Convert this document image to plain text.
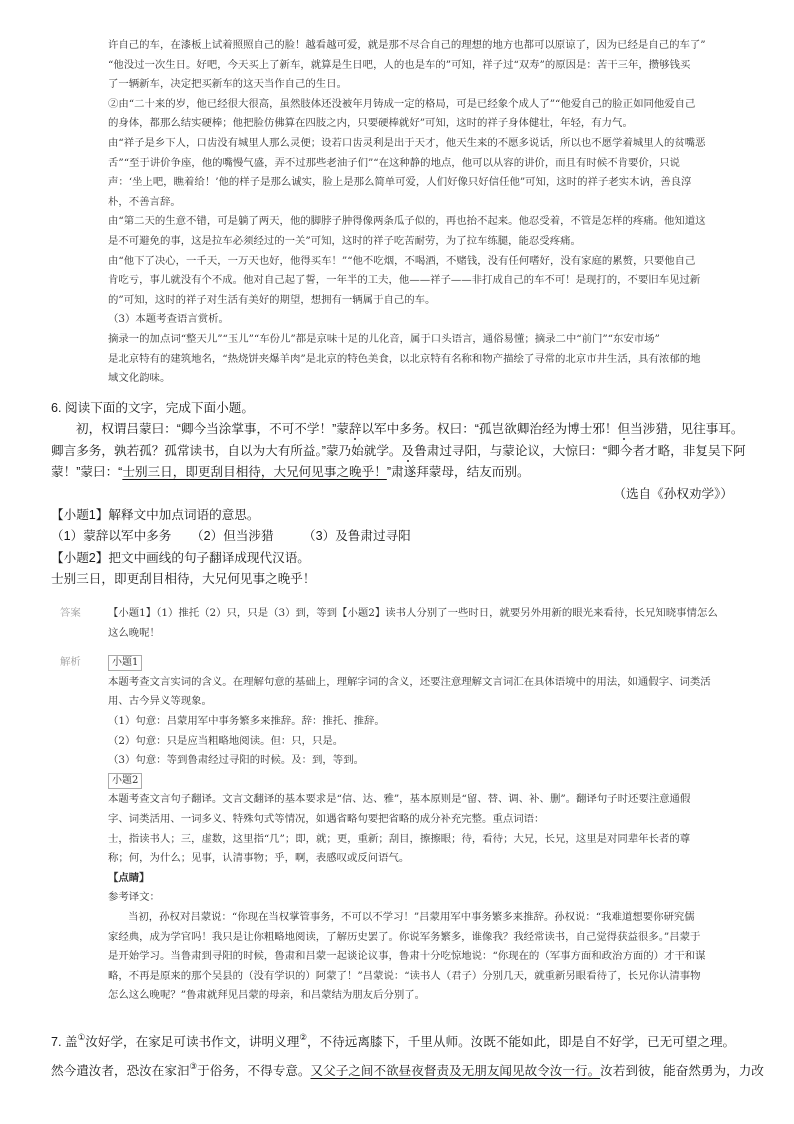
许自己的车，在漆板上试着照照自己的脸！越看越可爱，就是那不尽合自己的理想的地方也都可以原谅了，因为已经是自己的车了”

“他没过一次生日。好吧，今天买上了新车，就算是生日吧，人的也是车的”可知，祥子过“双寿”的原因是：苦干三年，攒够钱买

了一辆新车，决定把买新车的这天当作自己的生日。

②由“二十来的岁，他已经很大很高，虽然肢体还没被年月铸成一定的格局，可是已经象个成人了”“他爱自己的脸正如同他爱自己

的身体，都那么结实硬棒；他把脸仿佛算在四肢之内，只要硬棒就好”可知，这时的祥子身体健壮，年轻，有力气。

由“祥子是乡下人，口齿没有城里人那么灵便；设若口齿灵利是出于天才，他天生来的不愿多说话，所以也不愿学着城里人的贫嘴恶

舌”“至于讲价争座，他的嘴慢气盛，弄不过那些老油子们”“在这种静的地点，他可以从容的讲价，而且有时候不肯要价，只说

声：‘坐上吧，瞧着给！’他的样子是那么诚实，脸上是那么简单可爱，人们好像只好信任他”可知，这时的祥子老实木讷，善良淳

朴，不善言辞。

由“第二天的生意不错，可是躺了两天，他的脚脖子肿得像两条瓜子似的，再也抬不起来。他忍受着，不管是怎样的疼痛。他知道这

是不可避免的事，这是拉车必须经过的一关”可知，这时的祥子吃苦耐劳，为了拉车练腿，能忍受疼痛。

由“他下了决心，一千天，一万天也好，他得买车！”“他不吃烟，不喝酒，不赌钱，没有任何嗜好，没有家庭的累赘，只要他自己

肯吃亏，事儿就没有个不成。他对自己起了誓，一年半的工夫，他——祥子——非打成自己的车不可！是现打的，不要旧车见过新

的”可知，这时的祥子对生活有美好的期望，想拥有一辆属于自己的车。

（3）本题考查语言赏析。

摘录一的加点词“整天儿”“玉儿”“车份儿”都是京味十足的儿化音，属于口头语言，通俗易懂；摘录二中“前门”“东安市场”

是北京特有的建筑地名，“热烧饼夹爆羊肉”是北京的特色美食，以北京特有名称和物产描绘了寻常的北京市井生活，具有浓郁的地

域文化韵味。

6. 阅读下面的文字，完成下面小题。

初，权谓吕蒙曰：“卿今当涂掌事，不可不学！”蒙辞以军中多务。权曰：“孤岂欲卿治经为博士邪！但当涉猎，见往事耳。

卿言多务，孰若孤？孤常读书，自以为大有所益。”蒙乃始就学。及鲁肃过寻阳，与蒙论议，大惊曰：“卿今者才略，非复吴下阿

蒙！”蒙曰：“士别三日，即更刮目相待，大兄何见事之晚乎！”肃遂拜蒙母，结友而别。

（选自《孙权劝学》）

【小题1】解释文中加点词语的意思。

（1）蒙辞以军中多务 （2）但当涉猎 （3）及鲁肃过寻阳

【小题2】把文中画线的句子翻译成现代汉语。

士别三日，即更刮目相待，大兄何见事之晚乎！

答案	【小题1】（1）推托（2）只，只是（3）到，等到【小题2】读书人分别了一些时日，就要另外用新的眼光来看待，长兄知晓事情怎么

这么晚呢！

解析	小题1

本题考查文言实词的含义。在理解句意的基础上，理解字词的含义，还要注意理解文言词汇在具体语境中的用法，如通假字、词类活

用、古今异义等现象。

（1）句意：吕蒙用军中事务繁多来推辞。辞：推托、推辞。

（2）句意：只是应当粗略地阅读。但：只，只是。

（3）句意：等到鲁肃经过寻阳的时候。及：到，等到。

小题2

本题考查文言句子翻译。文言文翻译的基本要求是“信、达、雅”，基本原则是“留、替、调、补、删”。翻译句子时还要注意通假

字、词类活用、一词多义、特殊句式等情况，如遇省略句要把省略的成分补充完整。重点词语：

士，指读书人；三，虚数，这里指“几”；即，就；更，重新；刮目，擦擦眼；待，看待；大兄，长兄，这里是对同辈年长者的尊

称；何，为什么；见事，认清事物；乎，啊，表感叹或反问语气。

【点睛】

参考译文：

当初，孙权对吕蒙说：“你现在当权掌管事务，不可以不学习！”吕蒙用军中事务繁多来推辞。孙权说：“我难道想要你研究儒

家经典，成为学官吗！我只是让你粗略地阅读，了解历史罢了。你说军务繁多，谁像我？我经常读书，自己觉得获益很多。”吕蒙于

是开始学习。当鲁肃到寻阳的时候，鲁肃和吕蒙一起谈论议事，鲁肃十分吃惊地说：“你现在的（军事方面和政治方面的）才干和谋

略，不再是原来的那个吴县的（没有学识的）阿蒙了！”吕蒙说：“读书人（君子）分别几天，就重新另眼看待了，长兄你认清事物

怎么这么晚呢？”鲁肃就拜见吕蒙的母亲，和吕蒙结为朋友后分别了。

7. 盖①汝好学，在家足可读书作文，讲明义理②，不待远离膝下，千里从师。汝既不能如此，即是自不好学，已无可望之理。

然今遣汝者，恐汝在家汩③于俗务，不得专意。又父子之间不欲昼夜督责及无朋友闻见故令汝一行。汝若到彼，能奋然勇为，力改
